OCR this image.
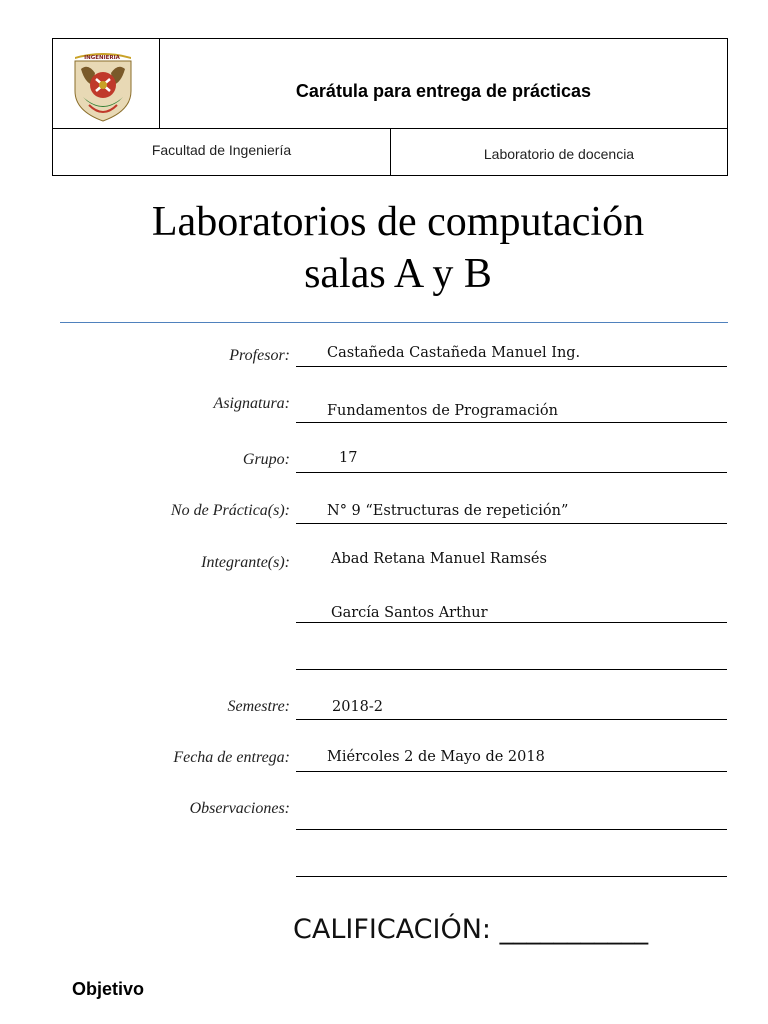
INGENIERIA
Carátula para entrega de prácticas
Facultad de Ingeniería	Laboratorio de docencia
Laboratorios de computación
salas A y B
Profesor:	Castañeda Castañeda Manuel Ing.
Asignatura:	Fundamentos de Programación
Grupo:	17
No de Práctica(s):	N° 9 “Estructuras de repetición”
Integrante(s):	Abad Retana Manuel Ramsés
García Santos Arthur
Semestre:	2018-2
Fecha de entrega:	Miércoles 2 de Mayo de 2018
Observaciones:
CALIFICACIÓN: ___________
Objetivo
